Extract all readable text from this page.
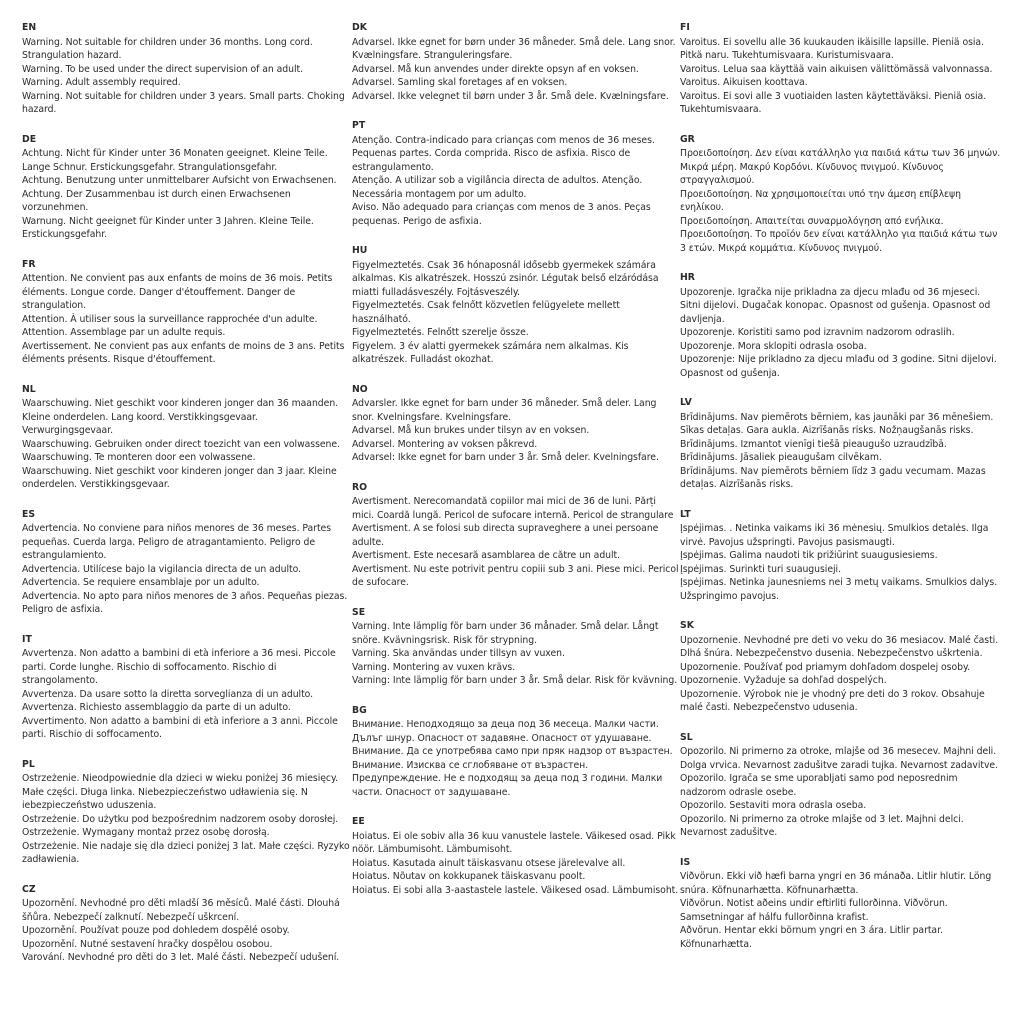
EN
Warning. Not suitable for children under 36 months. Long cord. Strangulation hazard.
Warning. To be used under the direct supervision of an adult.
Warning. Adult assembly required.
Warning. Not suitable for children under 3 years. Small parts. Choking hazard.
DE
Achtung. Nicht für Kinder unter 36 Monaten geeignet. Kleine Teile. Lange Schnur. Erstickungsgefahr. Strangulationsgefahr.
Achtung. Benutzung unter unmittelbarer Aufsicht von Erwachsenen.
Achtung. Der Zusammenbau ist durch einen Erwachsenen vorzunehmen.
Warnung. Nicht geeignet für Kinder unter 3 Jahren. Kleine Teile. Erstickungsgefahr.
FR
Attention. Ne convient pas aux enfants de moins de 36 mois. Petits éléments. Longue corde. Danger d'étouffement. Danger de strangulation.
Attention. À utiliser sous la surveillance rapprochée d'un adulte.
Attention. Assemblage par un adulte requis.
Avertissement. Ne convient pas aux enfants de moins de 3 ans. Petits éléments présents. Risque d'étouffement.
NL
Waarschuwing. Niet geschikt voor kinderen jonger dan 36 maanden. Kleine onderdelen. Lang koord. Verstikkingsgevaar. Verwurgingsgevaar.
Waarschuwing. Gebruiken onder direct toezicht van een volwassene.
Waarschuwing. Te monteren door een volwassene.
Waarschuwing. Niet geschikt voor kinderen jonger dan 3 jaar. Kleine onderdelen. Verstikkingsgevaar.
ES
Advertencia. No conviene para niños menores de 36 meses. Partes pequeñas. Cuerda larga. Peligro de atragantamiento. Peligro de estrangulamiento.
Advertencia. Utilícese bajo la vigilancia directa de un adulto.
Advertencia. Se requiere ensamblaje por un adulto.
Advertencia. No apto para niños menores de 3 años. Pequeñas piezas. Peligro de asfixia.
IT
Avvertenza. Non adatto a bambini di età inferiore a 36 mesi. Piccole parti. Corde lunghe. Rischio di soffocamento. Rischio di strangolamento.
Avvertenza. Da usare sotto la diretta sorveglianza di un adulto.
Avvertenza. Richiesto assemblaggio da parte di un adulto.
Avvertimento. Non adatto a bambini di età inferiore a 3 anni. Piccole parti. Rischio di soffocamento.
PL
Ostrzeżenie. Nieodpowiednie dla dzieci w wieku poniżej 36 miesięcy. Małe części. Długa linka. Niebezpieczeństwo udławienia się. N iebezpieczeństwo uduszenia.
Ostrzeżenie. Do użytku pod bezpośrednim nadzorem osoby dorosłej.
Ostrzeżenie. Wymagany montaż przez osobę dorosłą.
Ostrzeżenie. Nie nadaje się dla dzieci poniżej 3 lat. Małe części. Ryzyko zadławienia.
CZ
Upozornění. Nevhodné pro děti mladší 36 měsíců. Malé části. Dlouhá šňůra. Nebezpečí zalknutí. Nebezpečí uškrcení.
Upozornění. Používat pouze pod dohledem dospělé osoby.
Upozornění. Nutné sestavení hračky dospělou osobou.
Varování. Nevhodné pro děti do 3 let. Malé části. Nebezpečí udušení.
DK
Advarsel. Ikke egnet for børn under 36 måneder. Små dele. Lang snor. Kvælningsfare. Stranguleringsfare.
Advarsel. Må kun anvendes under direkte opsyn af en voksen.
Advarsel. Samling skal foretages af en voksen.
Advarsel. Ikke velegnet til børn under 3 år. Små dele. Kvælningsfare.
PT
Atenção. Contra-indicado para crianças com menos de 36 meses. Pequenas partes. Corda comprida. Risco de asfixia. Risco de estrangulamento.
Atenção. A utilizar sob a vigilância directa de adultos. Atenção. Necessária montagem por um adulto.
Aviso. Não adequado para crianças com menos de 3 anos. Peças pequenas. Perigo de asfixia.
HU
Figyelmeztetés. Csak 36 hónaposnál idősebb gyermekek számára alkalmas. Kis alkatrészek. Hosszú zsinór. Légutak belső elzáródása miatti fulladásveszély. Fojtásveszély.
Figyelmeztetés. Csak felnőtt közvetlen felügyelete mellett használható.
Figyelmeztetés. Felnőtt szerelje össze.
Figyelem. 3 év alatti gyermekek számára nem alkalmas. Kis alkatrészek. Fulladást okozhat.
NO
Advarsler. Ikke egnet for barn under 36 måneder. Små deler. Lang snor. Kvelningsfare. Kvelningsfare.
Advarsel. Må kun brukes under tilsyn av en voksen.
Advarsel. Montering av voksen påkrevd.
Advarsel: Ikke egnet for barn under 3 år. Små deler. Kvelningsfare.
RO
Avertisment. Nerecomandată copiilor mai mici de 36 de luni. Părți mici. Coardă lungă. Pericol de sufocare internă. Pericol de strangulare
Avertisment. A se folosi sub directa supraveghere a unei persoane adulte.
Avertisment. Este necesară asamblarea de către un adult.
Avertisment. Nu este potrivit pentru copiii sub 3 ani. Piese mici. Pericol de sufocare.
SE
Varning. Inte lämplig för barn under 36 månader. Små delar. Långt snöre. Kvävningsrisk. Risk för strypning.
Varning. Ska användas under tillsyn av vuxen.
Varning. Montering av vuxen krävs.
Varning: Inte lämplig för barn under 3 år. Små delar. Risk för kvävning.
BG
Внимание. Неподходящо за деца под 36 месеца. Малки части. Дълъг шнур. Опасност от задавяне. Опасност от удушаване.
Внимание. Да се употребява само при пряк надзор от възрастен.
Внимание. Изисква се сглобяване от възрастен.
Предупреждение. Не е подходящ за деца под 3 години. Малки части. Опасност от задушаване.
EE
Hoiatus. Ei ole sobiv alla 36 kuu vanustele lastele. Väikesed osad. Pikk nöör. Lämbumisoht. Lämbumisoht.
Hoiatus. Kasutada ainult täiskasvanu otsese järelevalve all.
Hoiatus. Nõutav on kokkupanek täiskasvanu poolt.
Hoiatus. Ei sobi alla 3-aastastele lastele. Väikesed osad. Lämbumisoht.
FI
Varoitus. Ei sovellu alle 36 kuukauden ikäisille lapsille. Pieniä osia. Pitkä naru. Tukehtumisvaara. Kuristumisvaara.
Varoitus. Lelua saa käyttää vain aikuisen välittömässä valvonnassa.
Varoitus. Aikuisen koottava.
Varoitus. Ei sovi alle 3 vuotiaiden lasten käytettäväksi. Pieniä osia. Tukehtumisvaara.
GR
Προειδοποίηση. Δεν είναι κατάλληλο για παιδιά κάτω των 36 μηνών. Μικρά μέρη. Μακρύ Κορδόνι. Κίνδυνος πνιγμού. Κίνδυνος στραγγαλισμού.
Προειδοποίηση. Να χρησιμοποιείται υπό την άμεση επίβλεψη ενηλίκου.
Προειδοποίηση. Απαιτείται συναρμολόγηση από ενήλικα.
Προειδοποίηση. Το προϊόν δεν είναι κατάλληλο για παιδιά κάτω των 3 ετών. Μικρά κομμάτια. Κίνδυνος πνιγμού.
HR
Upozorenje. Igračka nije prikladna za djecu mlađu od 36 mjeseci. Sitni dijelovi. Dugačak konopac. Opasnost od gušenja. Opasnost od davljenja.
Upozorenje. Koristiti samo pod izravnim nadzorom odraslih.
Upozorenje. Mora sklopiti odrasla osoba.
Upozorenje: Nije prikladno za djecu mlađu od 3 godine. Sitni dijelovi. Opasnost od gušenja.
LV
Brīdinājums. Nav piemērots bērniem, kas jaunāki par 36 mēnešiem. Sīkas detaļas. Gara aukla. Aizrīšanās risks. Nožņaugšanās risks.
Brīdinājums. Izmantot vienīgi tiešā pieaugušo uzraudzībā.
Brīdinājums. Jāsaliek pieaugušam cilvēkam.
Brīdinājums. Nav piemērots bērniem līdz 3 gadu vecumam. Mazas detaļas. Aizrīšanās risks.
LT
Įspėjimas. . Netinka vaikams iki 36 mėnesių. Smulkios detalės. Ilga virvė. Pavojus užspringti. Pavojus pasismaugti.
Įspėjimas. Galima naudoti tik prižiūrint suaugusiesiems.
Įspėjimas. Surinkti turi suaugusieji.
Įspėjimas. Netinka jaunesniems nei 3 metų vaikams. Smulkios dalys. Užspringimo pavojus.
SK
Upozornenie. Nevhodné pre deti vo veku do 36 mesiacov. Malé časti. Dlhá šnúra. Nebezpečenstvo dusenia. Nebezpečenstvo uškrtenia.
Upozornenie. Používať pod priamym dohľadom dospelej osoby.
Upozornenie. Vyžaduje sa dohľad dospelých.
Upozornenie. Výrobok nie je vhodný pre deti do 3 rokov. Obsahuje malé časti. Nebezpečenstvo udusenia.
SL
Opozorilo. Ni primerno za otroke, mlajše od 36 mesecev. Majhni deli. Dolga vrvica. Nevarnost zadušitve zaradi tujka. Nevarnost zadavitve.
Opozorilo. Igrača se sme uporabljati samo pod neposrednim nadzorom odrasle osebe.
Opozorilo. Sestaviti mora odrasla oseba.
Opozorilo. Ni primerno za otroke mlajše od 3 let. Majhni delci. Nevarnost zadušitve.
IS
Viðvörun. Ekki við hæfi barna yngri en 36 mánaða. Litlir hlutir. Löng snúra. Köfnunarhætta. Köfnunarhætta.
Viðvörun. Notist aðeins undir eftirliti fullorðinna. Viðvörun. Samsetningar af hálfu fullorðinna krafist.
Aðvörun. Hentar ekki börnum yngri en 3 ára. Litlir partar. Köfnunarhætta.
